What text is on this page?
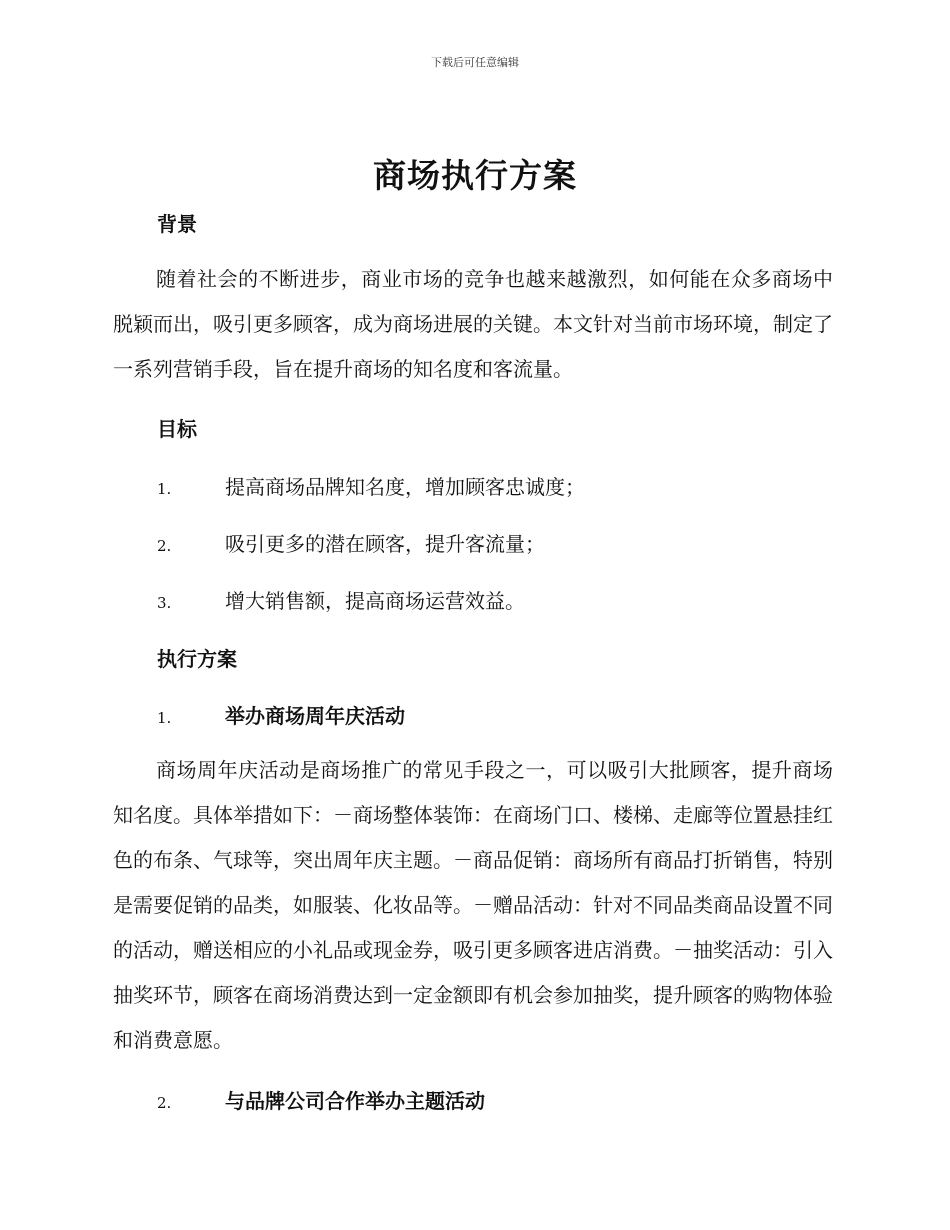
下载后可任意编辑
商场执行方案
背景

随着社会的不断进步，商业市场的竞争也越来越激烈，如何能在众多商场中脱颖而出，吸引更多顾客，成为商场进展的关键。本文针对当前市场环境，制定了一系列营销手段，旨在提升商场的知名度和客流量。

目标
1.	提高商场品牌知名度，增加顾客忠诚度；
2.	吸引更多的潜在顾客，提升客流量；
3.	增大销售额，提高商场运营效益。
执行方案
1.	举办商场周年庆活动

商场周年庆活动是商场推广的常见手段之一，可以吸引大批顾客，提升商场知名度。具体举措如下：－商场整体装饰：在商场门口、楼梯、走廊等位置悬挂红色的布条、气球等，突出周年庆主题。－商品促销：商场所有商品打折销售，特别是需要促销的品类，如服装、化妆品等。－赠品活动：针对不同品类商品设置不同的活动，赠送相应的小礼品或现金券，吸引更多顾客进店消费。－抽奖活动：引入抽奖环节，顾客在商场消费达到一定金额即有机会参加抽奖，提升顾客的购物体验和消费意愿。

2.	与品牌公司合作举办主题活动
